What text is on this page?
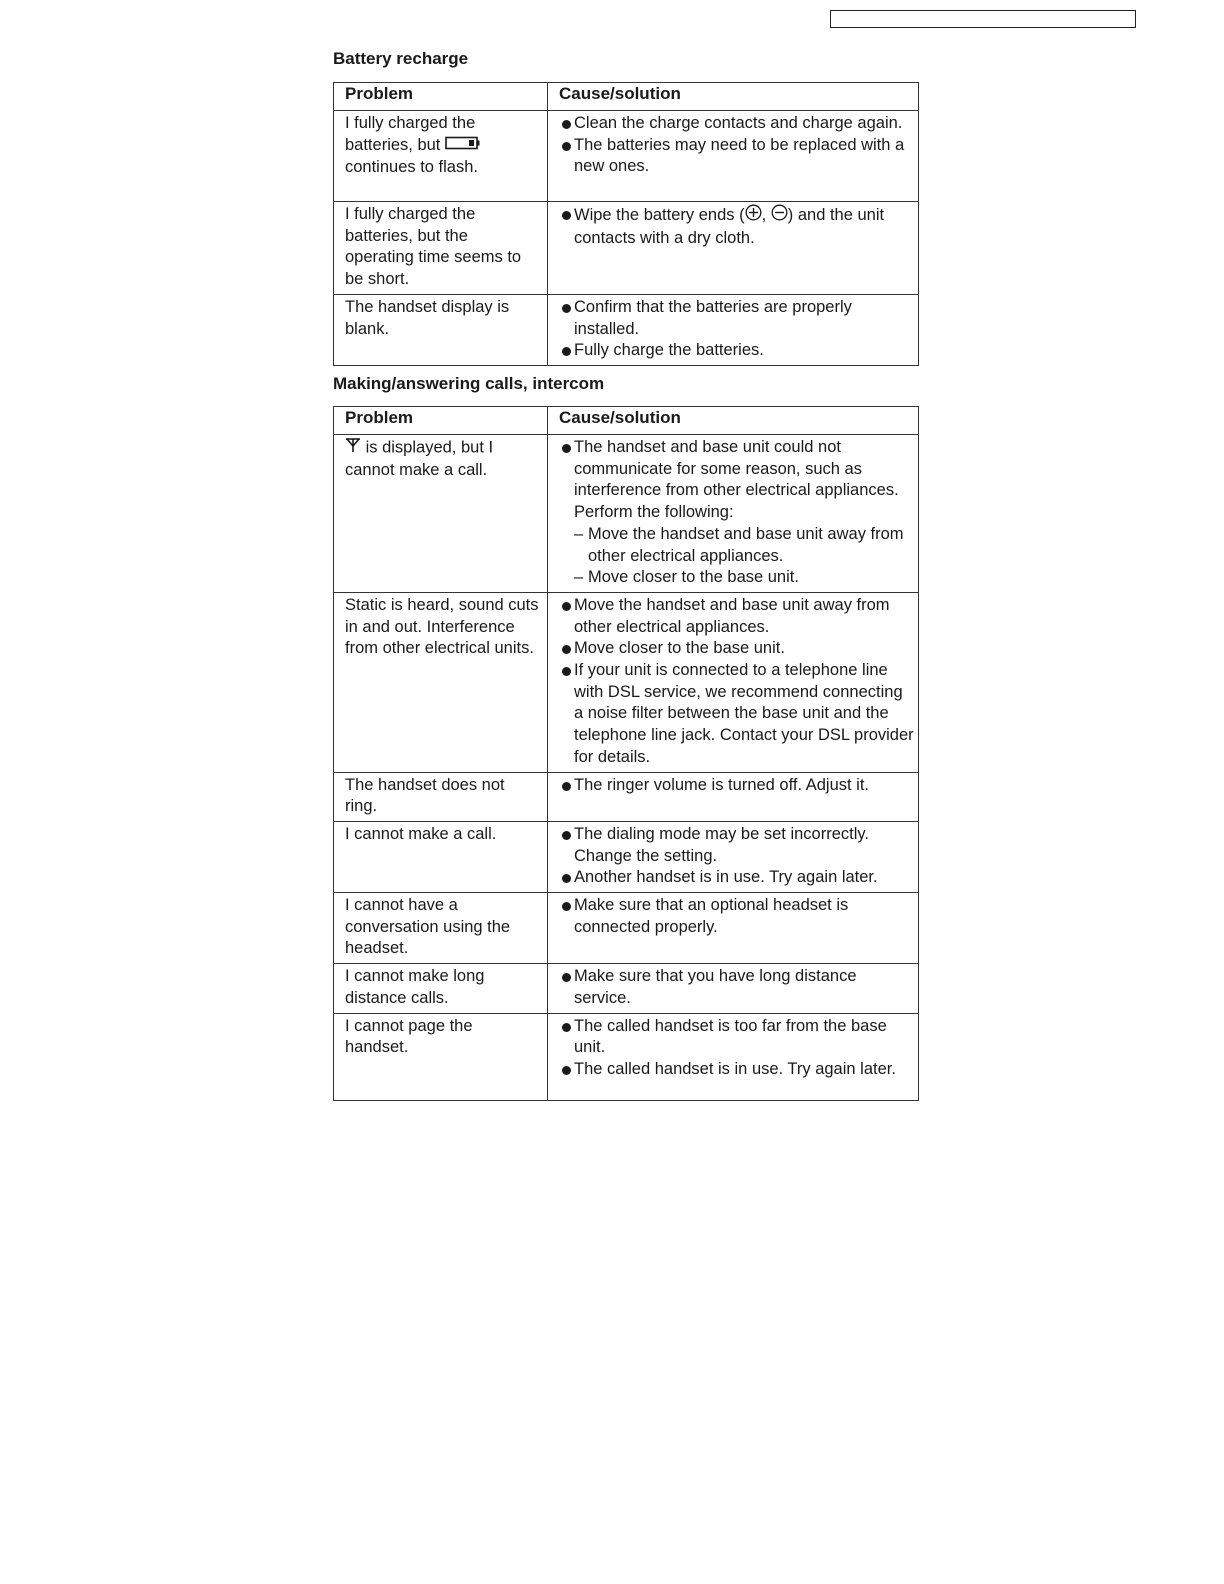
Battery recharge
Problem	Cause/solution
I fully charged the batteries, but  continues to flash.	Clean the charge contacts and charge again.
The batteries may need to be replaced with a new ones.

I fully charged the batteries, but the operating time seems to be short.	Wipe the battery ends ( , ) and the unit contacts with a dry cloth.

The handset display is blank.	Confirm that the batteries are properly installed.
Fully charge the batteries.
Making/answering calls, intercom
Problem	Cause/solution
is displayed, but I cannot make a call.	The handset and base unit could not communicate for some reason, such as interference from other electrical appliances. Perform the following:
– Move the handset and base unit away from other electrical appliances.
– Move closer to the base unit.

Static is heard, sound cuts in and out. Interference from other electrical units.	Move the handset and base unit away from other electrical appliances.
Move closer to the base unit.
If your unit is connected to a telephone line with DSL service, we recommend connecting a noise filter between the base unit and the telephone line jack. Contact your DSL provider for details.

The handset does not ring.	The ringer volume is turned off. Adjust it.

I cannot make a call.	The dialing mode may be set incorrectly. Change the setting.
Another handset is in use. Try again later.

I cannot have a conversation using the headset.	Make sure that an optional headset is connected properly.

I cannot make long distance calls.	Make sure that you have long distance service.

I cannot page the handset.	The called handset is too far from the base unit.
The called handset is in use. Try again later.
